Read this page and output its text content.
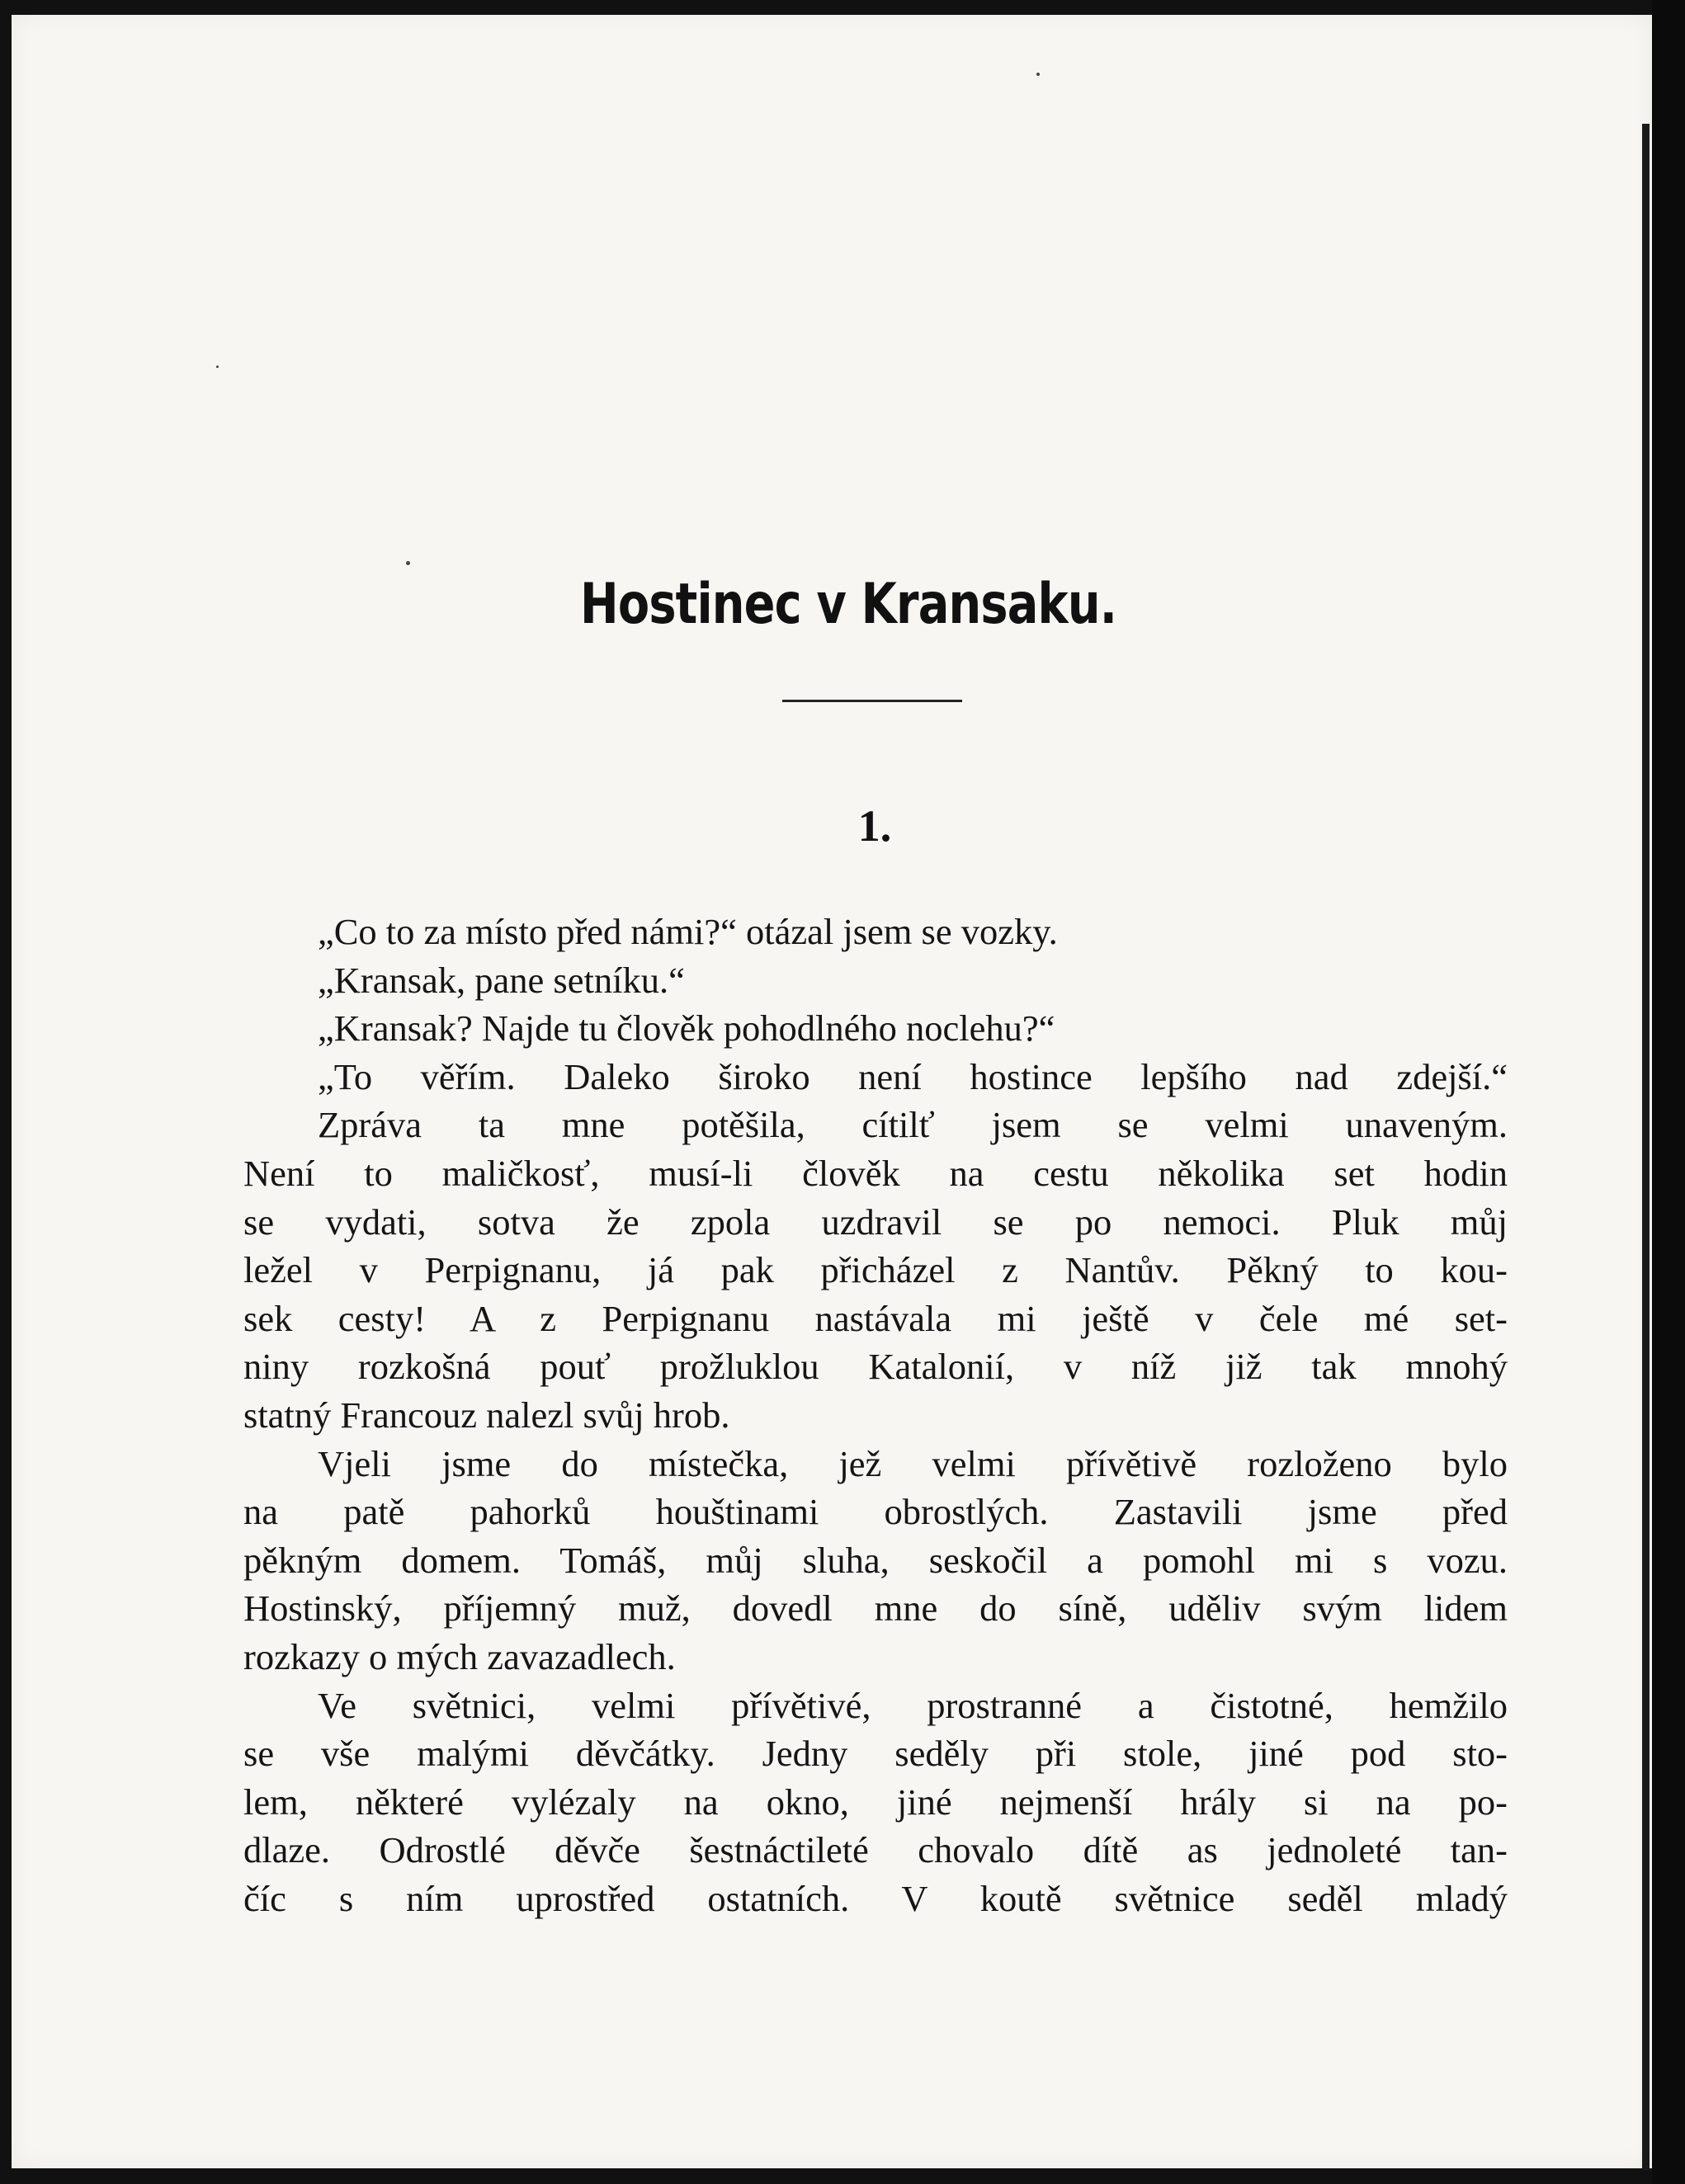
Hostinec v Kransaku.
1.
„Co to za místo před námi?“ otázal jsem se vozky.
„Kransak, pane setníku.“
„Kransak? Najde tu člověk pohodlného noclehu?“
„To věřím. Daleko široko není hostince lepšího nad zdejší.“
Zpráva ta mne potěšila, cítilť jsem se velmi unaveným.
Není to maličkosť, musí-li člověk na cestu několika set hodin
se vydati, sotva že zpola uzdravil se po nemoci. Pluk můj
ležel v Perpignanu, já pak přicházel z Nantův. Pěkný to kou-
sek cesty! A z Perpignanu nastávala mi ještě v čele mé set-
niny rozkošná pouť prožluklou Katalonií, v níž již tak mnohý
statný Francouz nalezl svůj hrob.
Vjeli jsme do místečka, jež velmi přívětivě rozloženo bylo
na patě pahorků houštinami obrostlých. Zastavili jsme před
pěkným domem. Tomáš, můj sluha, seskočil a pomohl mi s vozu.
Hostinský, příjemný muž, dovedl mne do síně, uděliv svým lidem
rozkazy o mých zavazadlech.
Ve světnici, velmi přívětivé, prostranné a čistotné, hemžilo
se vše malými děvčátky. Jedny seděly při stole, jiné pod sto-
lem, některé vylézaly na okno, jiné nejmenší hrály si na po-
dlaze. Odrostlé děvče šestnáctileté chovalo dítě as jednoleté tan-
číc s ním uprostřed ostatních. V koutě světnice seděl mladý
